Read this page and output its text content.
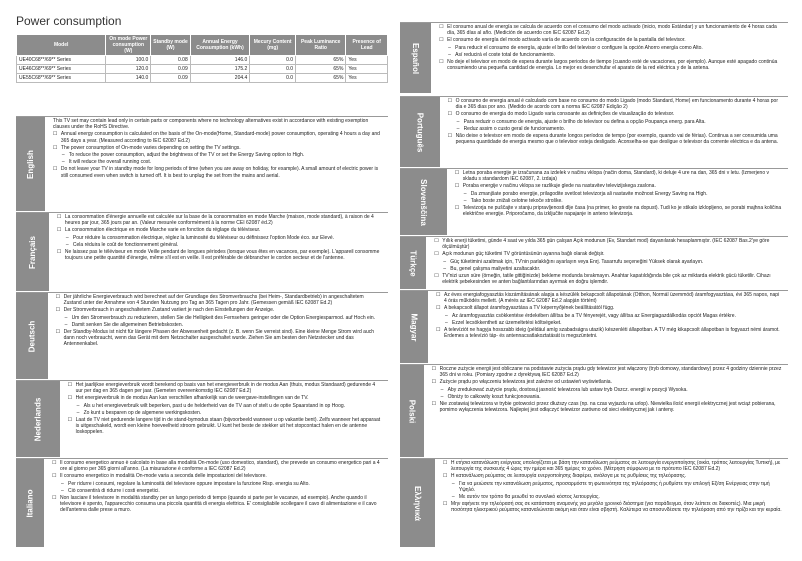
Power consumption
Model	On mode Power consumption (W)	Standby mode (W)	Annual Energy Consumption (kWh)	Mecury Content (mg)	Peak Luminance Ratio	Presence of Lead
UE40C68**/69** Series	100.0	0.08	146.0	0.0	65%	Yes
UE46C68**/69** Series	120.0	0.09	175.2	0.0	65%	Yes
UE55C68**/69** Series	140.0	0.09	204.4	0.0	65%	Yes
English

This TV set may contain lead only in certain parts or components where no technology alternatives exist in accordance with existing exemption clauses under the RoHS Directive.

☐ Annual energy consumption is calculated on the basis of the On-mode(Home, Standard-mode) power consumption, operating 4 hours a day and 365 days a year. (Measured according to IEC 62087 Ed.2)

☐ The power consumption of On-mode varies depending on setting the TV settings.

– To reduce the power consumption, adjust the brightness of the TV or set the Energy Saving option to High.

– It will reduce the overall running cost.

☐ Do not leave your TV in standby mode for long periods of time (when you are away on holiday, for example). A small amount of electric power is still consumed even when switch is turned off. It is best to unplug the set from the mains and aerial.

Français

☐ La consommation d'énergie annuelle est calculée sur la base de la consommation en mode Marche (maison, mode standard), à raison de 4 heures par jour, 365 jours par an. (Valeur mesurée conformément à la norme CEI 62087 éd.2)

☐ La consommation électrique en mode Marche varie en fonction du réglage du téléviseur.

– Pour réduire la consommation électrique, réglez la luminosité du téléviseur ou définissez l'option Mode éco. sur Elevé.

– Cela réduira le coût de fonctionnement général.

☐ Ne laissez pas le téléviseur en mode Veille pendant de longues périodes (lorsque vous êtes en vacances, par exemple). L'appareil consomme toujours une petite quantité d'énergie, même s'il est en veille. Il est préférable de débrancher le cordon secteur et de l'antenne.

Deutsch

☐ Der jährliche Energieverbrauch wird berechnet auf der Grundlage des Stromverbrauchs (bei Heim-, Standardbetrieb) in angeschaltetem Zustand unter der Annahme von 4 Stunden Nutzung pro Tag an 365 Tagen pro Jahr. (Gemessen gemäß IEC 62087 Ed.2)

☐ Der Stromverbrauch in angeschaltetem Zustand variiert je nach den Einstellungen der Anzeige.

– Um den Stromverbrauch zu reduzieren, stellen Sie die Helligkeit des Fernsehers geringer oder die Option Energiesparmod. auf Hoch ein.

– Damit senken Sie die allgemeinen Betriebskosten.

☐ Der Standby-Modus ist nicht für längere Phasen der Abwesenheit gedacht (z. B. wenn Sie verreist sind). Eine kleine Menge Strom wird auch dann noch verbraucht, wenn das Gerät mit dem Netzschalter ausgeschaltet wurde. Ziehen Sie am besten den Netzstecker und das Antennenkabel.

Nederlands

☐ Het jaarlijkse energieverbruik wordt berekend op basis van het energieverbruik in de modus Aan (thuis, modus Standaard) gedurende 4 uur per dag en 365 dagen per jaar. (Gemeten overeenkomstig IEC 62087 Ed.2)

☐ Het energieverbruik in de modus Aan kan verschillen afhankelijk van de weergave-instellingen van de TV.

– Als u het energieverbruik wilt beperken, past u de helderheid van de TV aan of stelt u de optie Spaarstand in op Hoog.

– Zo kunt u besparen op de algemene werkingskosten.

☐ Laat de TV niet gedurende langere tijd in de stand-bymodus staan (bijvoorbeeld wanneer u op vakantie bent). Zelfs wanneer het apparaat is uitgeschakeld, wordt een kleine hoeveelheid stroom gebruikt. U kunt het beste de stekker uit het stopcontact halen en de antenne loskoppelen.

Italiano

☐ Il consumo energetico annuo è calcolato in base alla modalità On-mode (uso domestico, standard), che prevede un consumo energetico pari a 4 ore al giorno per 365 giorni all'anno. (La misurazione è conforme a IEC 62087 Ed.2)

☐ Il consumo energetico in modalità On-mode varia a seconda delle impostazioni del televisore.

– Per ridurre i consumi, regolare la luminosità del televisore oppure impostare la funzione Risp. energia su Alto.

– Ciò consentirà di ridurre i costi energetici.

☐ Non lasciare il televisore in modalità standby per un lungo periodo di tempo (quando si parte per le vacanze, ad esempio). Anche quando il televisore è spento, l'apparecchio consuma una piccola quantità di energia elettrica. E' consigliabile scollegare il cavo di alimentazione e il cavo dell'antenna dalle prese a muro.

Español

☐ El consumo anual de energía se calcula de acuerdo con el consumo del modo activado (inicio, modo Estándar) y un funcionamiento de 4 horas cada día, 365 días al año. (Medición de acuerdo con IEC 62087 Ed.2)

☐ El consumo de energía del modo activado varía de acuerdo con la configuración de la pantalla del televisor.

– Para reducir el consumo de energía, ajuste el brillo del televisor o configure la opción Ahorro energía como Alto.

– Así reducirá el coste total de funcionamiento.

☐ No deje el televisor en modo de espera durante largos periodos de tiempo (cuando esté de vacaciones, por ejemplo). Aunque esté apagado continúa consumiendo una pequeña cantidad de energía. Lo mejor es desenchufar el aparato de la red eléctrica y de la antena.

Português

☐ O consumo de energia anual é calculado com base no consumo do modo Ligado (modo Standard, Home) em funcionamento durante 4 horas por dia e 365 dias por ano. (Medido de acordo com a norma IEC 62087 Edição 2)

☐ O consumo de energia do modo Ligado varia consoante as definições de visualização do televisor.

– Para reduzir o consumo de energia, ajuste o brilho do televisor ou defina a opção Poupança energ. para Alta.

– Reduz assim o custo geral de funcionamento.

☐ Não deixe o televisor em modo de espera durante longos períodos de tempo (por exemplo, quando vai de férias). Continua a ser consumida uma pequena quantidade de energia mesmo que o televisor esteja desligado. Aconselha-se que desligue o televisor da corrente eléctrica e da antena.

Slovenščina

☐ Letna poraba energije je izračunana za izdelek v načinu vklopa (način doma, Standard), ki deluje 4 ure na dan, 365 dni v letu. (Izmerjeno v skladu s standardom IEC 62087, 2. izdaja)

☐ Poraba energije v načinu vklopa se razlikuje glede na nastavitev televizijskega zaslona.

– Da zmanjšate porabo energije, prilagodite svetlost televizorja ali nastavite možnost Energy Saving na High.

– Tako boste znižali celotne tekoče stroške.

☐ Televizorja ne puščajte v stanju pripravljenosti dlje časa (na primer, ko greste na dopust). Tudi ko je stikalo izklopljeno, se porabi majhna količina električne energije. Priporočamo, da izključite napajanje in anteno televizorja.

Türkçe

☐ Yıllık enerji tüketimi, günde 4 saat ve yılda 365 gün çalışan Açık modunun (Ev, Standart mod) dayanılarak hesaplanmıştır. (IEC 62087 Bas.2'ye göre ölçülmüştür)

☐ Açık modunun güç tüketimi TV görüntüsünün ayarına bağlı olarak değişir.

– Güç tüketimini azaltmak için, TV'nin parlaklığını ayarlayın veya Enrj. Tasarrufu seçeneğini Yüksek olarak ayarlayın.

– Bu, genel çalışma maliyetini azaltacaktır.

☐ TV'nizi uzun süre (örneğin, tatile gittiğinizde) bekleme modunda bırakmayın. Anahtar kapatıldığında bile çok az miktarda elektrik gücü tüketilir. Cihazı elektrik şebekesinden ve anten bağlantılarından ayırmak en doğru işlemdir.

Magyar

☐ Az éves energiafogyasztás kiszámításának alapja a készülék bekapcsolt állapotának (Otthon, Normál üzemmód) áramfogyasztása, évi 365 napos, napi 4 órás működés mellett. (A mérés az IEC 62087 Ed.2 alapján történt)

☐ A bekapcsolt állapot áramfogyasztása a TV képernyőjének beállításától függ.

– Az áramfogyasztás csökkentése érdekében állítsa be a TV fényerejét, vagy állítsa az Energiagazdálkodás opciót Magas értékre.

– Ezzel lecsökkentheti az üzemeltetési költségeket.

☐ A televíziót ne hagyja hosszabb ideig (például amíg szabadságra utazik) készenléti állapotban. A TV még kikapcsolt állapotban is fogyaszt némi áramot. Érdemes a televízió táp- és antennacsatlakoztatását is megszüntetni.

Polski

☐ Roczne zużycie energii jest obliczane na podstawie zużycia prądu gdy telewizor jest włączony (tryb domowy, standardowy) przez 4 godziny dziennie przez 365 dni w roku. (Pomiary zgodne z dyrektywą IEC 62087 Ed.2)

☐ Zużycie prądu po włączeniu telewizora jest zależne od ustawień wyświetlania.

– Aby zredukować zużycie prądu, dostosuj jasność telewizora lub ustaw tryb Oszcz. energii w pozycji Wysoka.

– Obniży to całkowity koszt funkcjonowania.

☐ Nie zostawiaj telewizora w trybie gotowości przez dłuższy czas (np. na czas wyjazdu na urlop). Niewielka ilość energii elektrycznej jest wciąż pobierana, pomimo wyłączenia telewizora. Najlepiej jest odłączyć telewizor zarówno od sieci elektrycznej jak i anteny.

Ελληνικά

☐ Η ετήσια κατανάλωση ενέργειας υπολογίζεται με βάση την κατανάλωση ρεύματος σε λειτουργία ενεργοποίησης (οικία, τρόπος λειτουργίας Τυπική), με λειτουργία της συσκευής 4 ώρες την ημέρα και 365 ημέρες το χρόνο. (Μέτρηση σύμφωνα με το πρότυπο IEC 62087 Ed.2)

☐ Η κατανάλωση ρεύματος σε λειτουργία ενεργοποίησης διαφέρει, ανάλογα με τις ρυθμίσεις της τηλεόρασης.

– Για να μειώσετε την κατανάλωση ρεύματος, προσαρμόστε τη φωτεινότητα της τηλεόρασης ή ρυθμίστε την επιλογή Εξ/ση Ενέργειας στην τιμή Υψηλό.

– Με αυτόν τον τρόπο θα μειωθεί το συνολικό κόστος λειτουργίας.

☐ Μην αφήνετε την τηλεόρασή σας σε κατάσταση αναμονής για μεγάλο χρονικό διάστημα (για παράδειγμα, όταν λείπετε σε διακοπές). Μια μικρή ποσότητα ηλεκτρικού ρεύματος καταναλώνεται ακόμη και όταν είναι σβηστή. Καλύτερα να αποσυνδέσετε την τηλεόραση από την πρίζα και την κεραία.
